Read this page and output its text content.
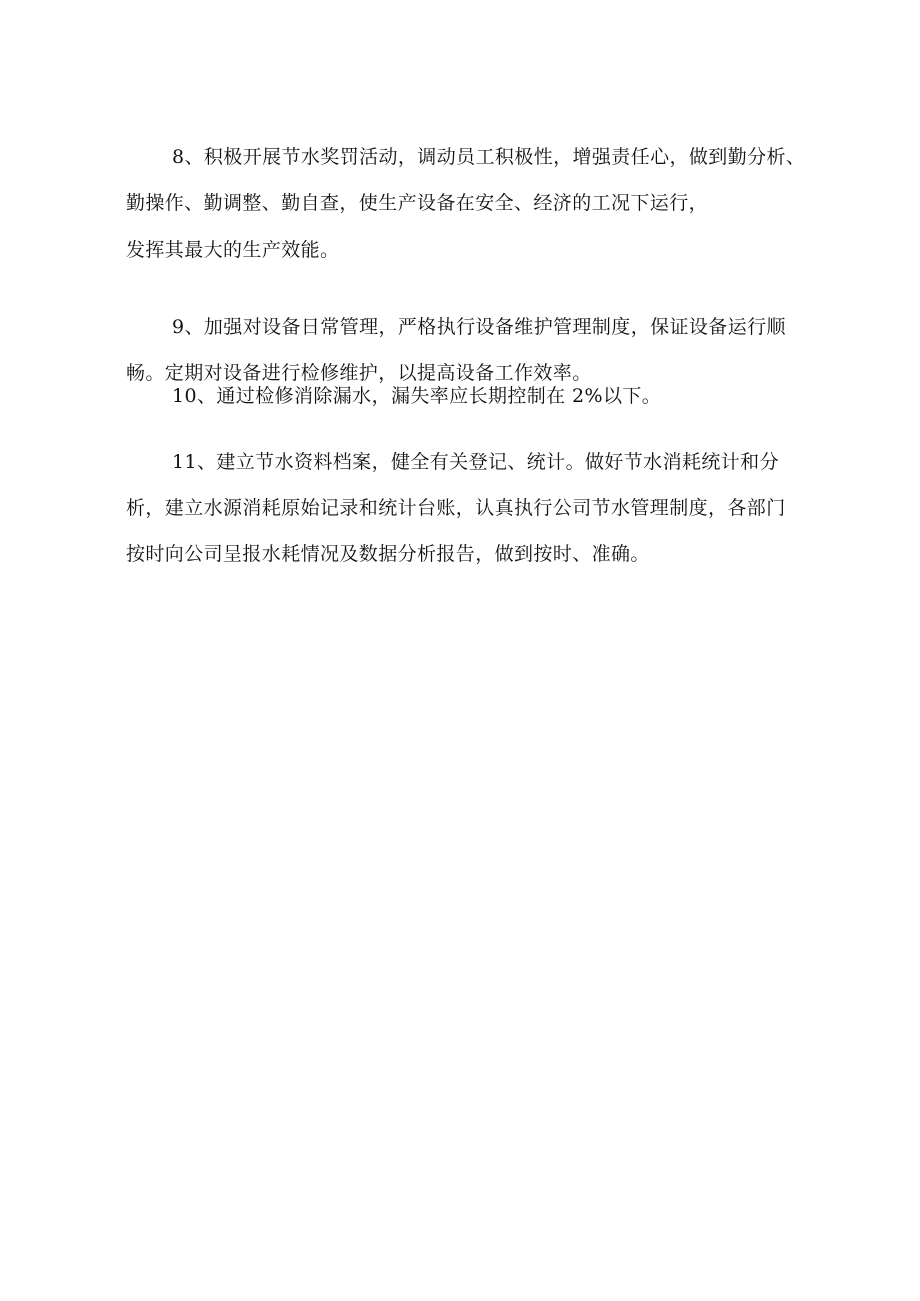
8、积极开展节水奖罚活动，调动员工积极性，增强责任心，做到勤分析、
勤操作、勤调整、勤自查，使生产设备在安全、经济的工况下运行，
发挥其最大的生产效能。
9、加强对设备日常管理，严格执行设备维护管理制度，保证设备运行顺
畅。定期对设备进行检修维护，以提高设备工作效率。
10、通过检修消除漏水，漏失率应长期控制在 2%以下。
11、建立节水资料档案，健全有关登记、统计。做好节水消耗统计和分
析，建立水源消耗原始记录和统计台账，认真执行公司节水管理制度，各部门
按时向公司呈报水耗情况及数据分析报告，做到按时、准确。
